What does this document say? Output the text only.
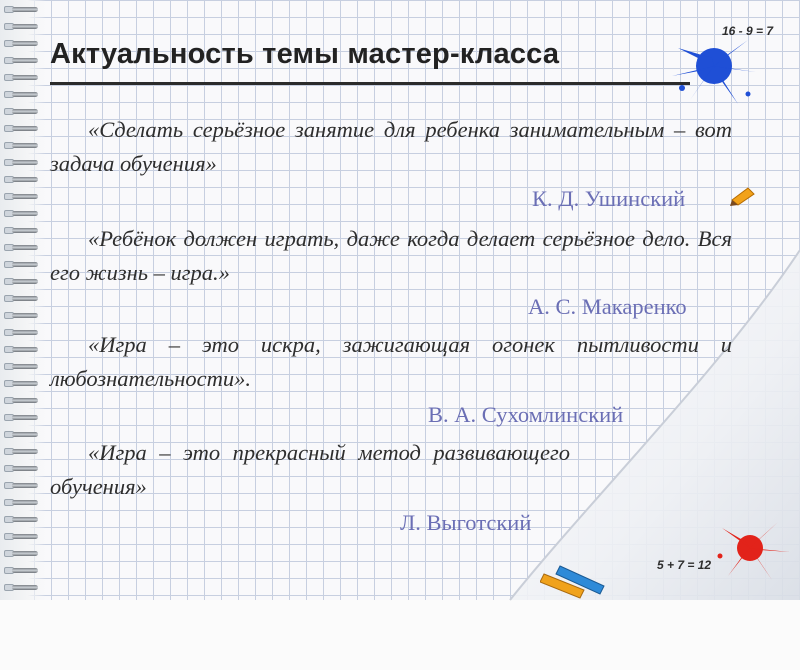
16 - 9 = 7
5 + 7 = 12
Актуальность темы мастер-класса
«Сделать серьёзное занятие для ребенка занимательным – вот задача обучения»
К. Д. Ушинский
«Ребёнок должен играть, даже когда делает серьёзное дело. Вся его жизнь – игра.»
А. С. Макаренко
«Игра – это искра, зажигающая огонек пытливости и любознательности».
В. А. Сухомлинский
«Игра – это прекрасный метод развивающего обучения»
Л. Выготский
